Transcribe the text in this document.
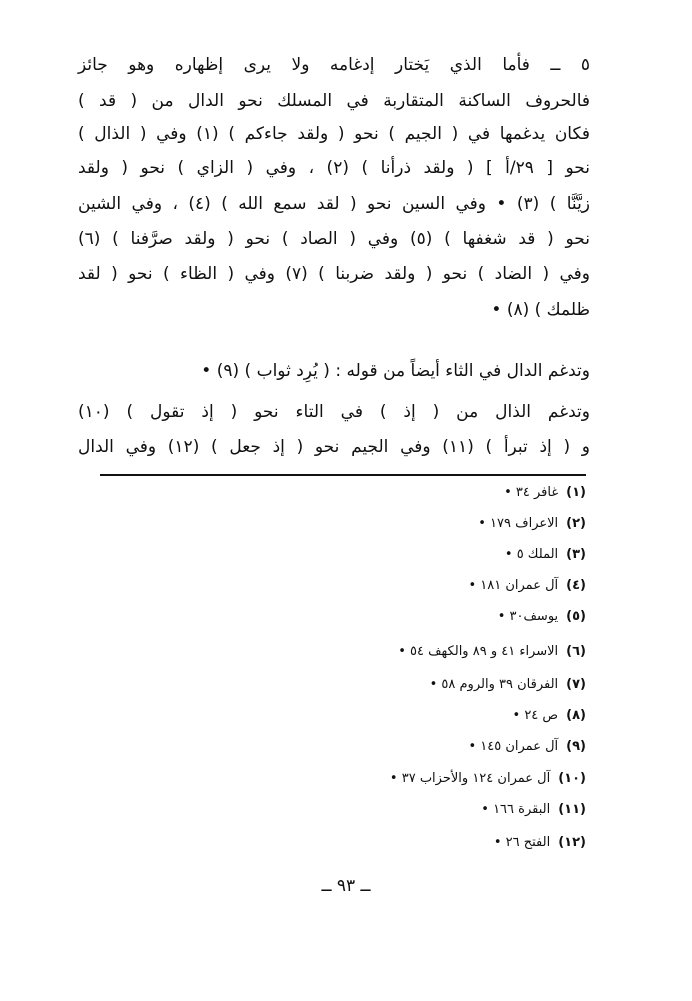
٥ ــ فأما الذي يَختار إدغامه ولا يرى إظهاره وهو جائز
فالحروف الساكنة المتقاربة في المسلك نحو الدال من ( قد )
فكان يدغمها في ( الجيم ) نحو ( ولقد جاءكم ) (١) وفي ( الذال )
نحو [ ٢٩/أ ] ( ولقد ذرأنا ) (٢) ، وفي ( الزاي ) نحو ( ولقد
زيَّنَّا ) (٣) • وفي السين نحو ( لقد سمع الله ) (٤) ، وفي الشين
نحو ( قد شغفها ) (٥) وفي ( الصاد ) نحو ( ولقد صرَّفنا ) (٦)
وفي ( الضاد ) نحو ( ولقد ضربنا ) (٧) وفي ( الظاء ) نحو ( لقد
ظلمك ) (٨) •
وتدغم الدال في الثاء أيضاً من قوله : ( يُرِد ثواب ) (٩) •
وتدغم الذال من ( إذ ) في التاء نحو ( إذ تقول ) (١٠)
و ( إذ تبرأ ) (١١) وفي الجيم نحو ( إذ جعل ) (١٢) وفي الدال
(١)غافر ٣٤ •
(٢)الاعراف ١٧٩ •
(٣)الملك ٥ •
(٤)آل عمران ١٨١ •
(٥)يوسف٣٠ •
(٦)الاسراء ٤١ و ٨٩ والكهف ٥٤ •
(٧)الفرقان ٣٩ والروم ٥٨ •
(٨)ص ٢٤ •
(٩)آل عمران ١٤٥ •
(١٠)آل عمران ١٢٤ والأحزاب ٣٧ •
(١١)البقرة ١٦٦ •
(١٢)الفتح ٢٦ •
ــ ٩٣ ــ
